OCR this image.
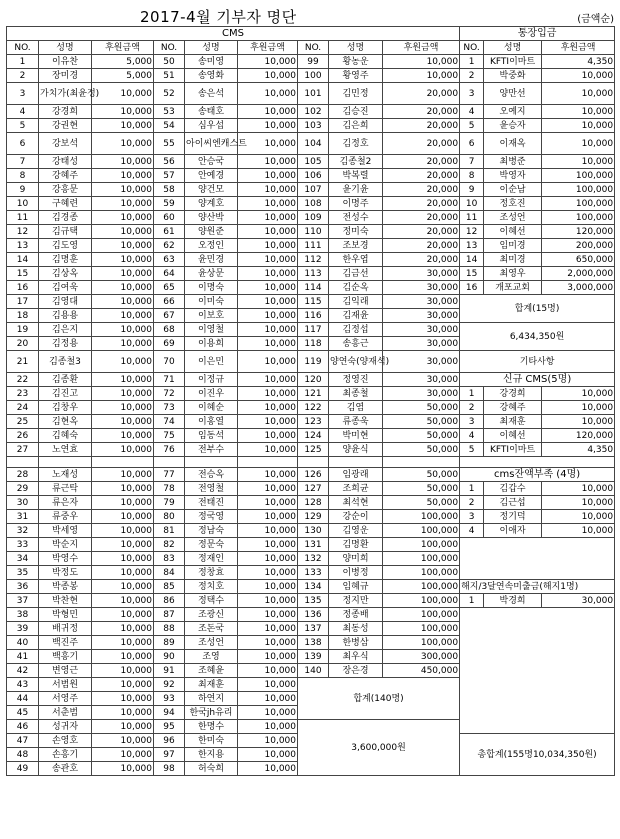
2017-4월 기부자 명단	(금액순)
CMS									통장입금		
NO.	성명	후원금액	NO.	성명	후원금액	NO.	성명	후원금액	NO.	성명	후원금액
1	이유찬	5,000	50	송미영	10,000	99	황농운	10,000	1	KFTI이마트	4,350
2	장미경	5,000	51	송영화	10,000	100	황영주	10,000	2	박중화	10,000
3	가치가(최윤정)	10,000	52	송은석	10,000	101	김민정	20,000	3	양만선	10,000
4	강경희	10,000	53	송태호	10,000	102	김승진	20,000	4	오예지	10,000
5	강권현	10,000	54	심우섭	10,000	103	김은희	20,000	5	윤승자	10,000
6	강보석	10,000	55	아이씨엔캐스트	10,000	104	김정호	20,000	6	이재옥	10,000
7	강태성	10,000	56	안승국	10,000	105	김종철2	20,000	7	최병준	10,000
8	강혜주	10,000	57	안예경	10,000	106	박복렬	20,000	8	박영자	100,000
9	강흥문	10,000	58	양건모	10,000	107	윤기윤	20,000	9	이순남	100,000
10	구혜련	10,000	59	양계호	10,000	108	이명주	20,000	10	정호진	100,000
11	김경종	10,000	60	양산박	10,000	109	전성수	20,000	11	조성언	100,000
12	김규택	10,000	61	양원준	10,000	110	정미숙	20,000	12	이혜선	120,000
13	김도영	10,000	62	오정인	10,000	111	조보경	20,000	13	임미경	200,000
14	김명훈	10,000	63	윤민경	10,000	112	한우엽	20,000	14	최미경	650,000
15	김상옥	10,000	64	윤상문	10,000	113	김금선	30,000	15	최영우	2,000,000
16	김여욱	10,000	65	이명숙	10,000	114	김순옥	30,000	16	개포교회	3,000,000
17	김영대	10,000	66	이미숙	10,000	115	김익래	30,000	합계(15명)		
18	김용용	10,000	67	이보호	10,000	116	김재윤	30,000			
19	김은지	10,000	68	이영철	10,000	117	김정섭	30,000	6,434,350원		
20	김정용	10,000	69	이용희	10,000	118	송흥근	30,000			
21	김종철3	10,000	70	이은민	10,000	119	양연숙(양재석)	30,000	기타사항		
22	김종환	10,000	71	이정규	10,000	120	정영진	30,000	신규 CMS(5명)		
23	김진고	10,000	72	이진우	10,000	121	최종철	30,000	1	강경희	10,000
24	김창우	10,000	73	이혜순	10,000	122	김염	50,000	2	강혜주	10,000
25	김현옥	10,000	74	이홍열	10,000	123	류종욱	50,000	3	최재훈	10,000
26	김혜숙	10,000	75	임동석	10,000	124	박미현	50,000	4	이혜선	120,000
27	노연효	10,000	76	전부수	10,000	125	양윤식	50,000	5	KFTI이마트	4,350

28	노재성	10,000	77	전승옥	10,000	126	임광래	50,000	cms잔액부족 (4명)		
29	류근탁	10,000	78	전영철	10,000	127	조희균	50,000	1	김갑수	10,000
30	류은자	10,000	79	전태진	10,000	128	최석현	50,000	2	김근섭	10,000
31	류중우	10,000	80	정국영	10,000	129	강순이	100,000	3	정기덕	10,000
32	박세영	10,000	81	정남숙	10,000	130	김영운	100,000	4	이애자	10,000
33	박순지	10,000	82	정문숙	10,000	131	김명환	100,000			
34	박영수	10,000	83	정재인	10,000	132	양미희	100,000			
35	박정도	10,000	84	정창효	10,000	133	이병정	100,000			
36	박종봉	10,000	85	정치호	10,000	134	임혜규	100,000	해지/3달연속미출금(해지1명)		
37	박찬현	10,000	86	정택수	10,000	135	정지만	100,000	1	박경희	30,000
38	박형민	10,000	87	조광신	10,000	136	정종배	100,000			
39	배귀정	10,000	88	조돈국	10,000	137	최동성	100,000			
40	백진주	10,000	89	조성언	10,000	138	한병삼	100,000			
41	백흥기	10,000	90	조영	10,000	139	최우식	300,000			
42	변영근	10,000	91	조혜윤	10,000	140	장은경	450,000			
43	서범원	10,000	92	최재훈	10,000	합계(140명)					
44	서영주	10,000	93	하연지	10,000						
45	서춘범	10,000	94	한국jh유리	10,000						
46	성귀자	10,000	95	한명수	10,000	3,600,000원					
47	손영호	10,000	96	한미숙	10,000				총합계(155명10,034,350원)		
48	손흥기	10,000	97	한지용	10,000						
49	송관호	10,000	98	허숙희	10,000						
